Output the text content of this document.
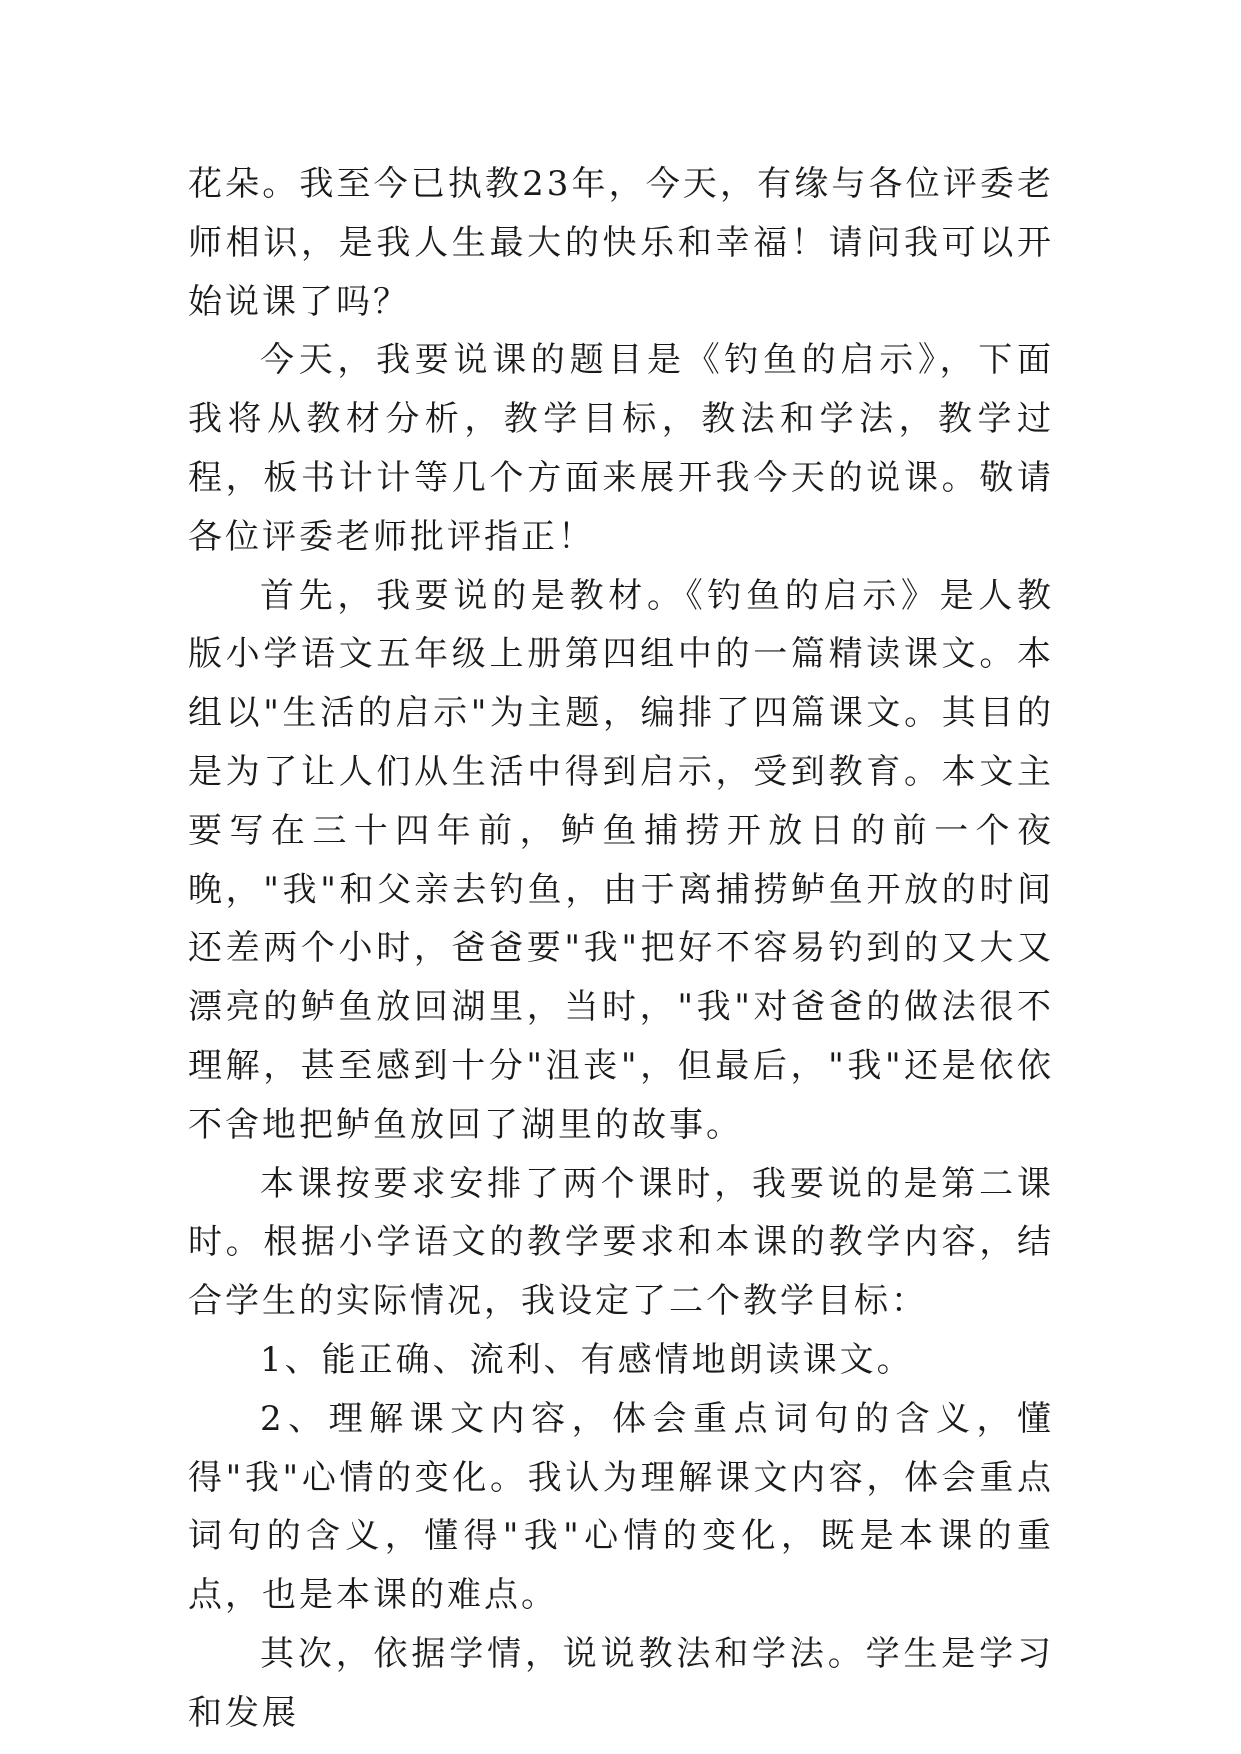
花朵。我至今已执教23年，今天，有缘与各位评委老师相识，是我人生最大的快乐和幸福！请问我可以开始说课了吗？

今天，我要说课的题目是《钓鱼的启示》，下面我将从教材分析，教学目标，教法和学法，教学过程，板书计计等几个方面来展开我今天的说课。敬请各位评委老师批评指正！

首先，我要说的是教材。《钓鱼的启示》是人教版小学语文五年级上册第四组中的一篇精读课文。本组以"生活的启示"为主题，编排了四篇课文。其目的是为了让人们从生活中得到启示，受到教育。本文主要写在三十四年前，鲈鱼捕捞开放日的前一个夜晚，"我"和父亲去钓鱼，由于离捕捞鲈鱼开放的时间还差两个小时，爸爸要"我"把好不容易钓到的又大又漂亮的鲈鱼放回湖里，当时，"我"对爸爸的做法很不理解，甚至感到十分"沮丧"，但最后，"我"还是依依不舍地把鲈鱼放回了湖里的故事。

本课按要求安排了两个课时，我要说的是第二课时。根据小学语文的教学要求和本课的教学内容，结合学生的实际情况，我设定了二个教学目标：

1、能正确、流利、有感情地朗读课文。

2、理解课文内容，体会重点词句的含义，懂得"我"心情的变化。我认为理解课文内容，体会重点词句的含义，懂得"我"心情的变化，既是本课的重点，也是本课的难点。

其次，依据学情，说说教法和学法。学生是学习和发展
